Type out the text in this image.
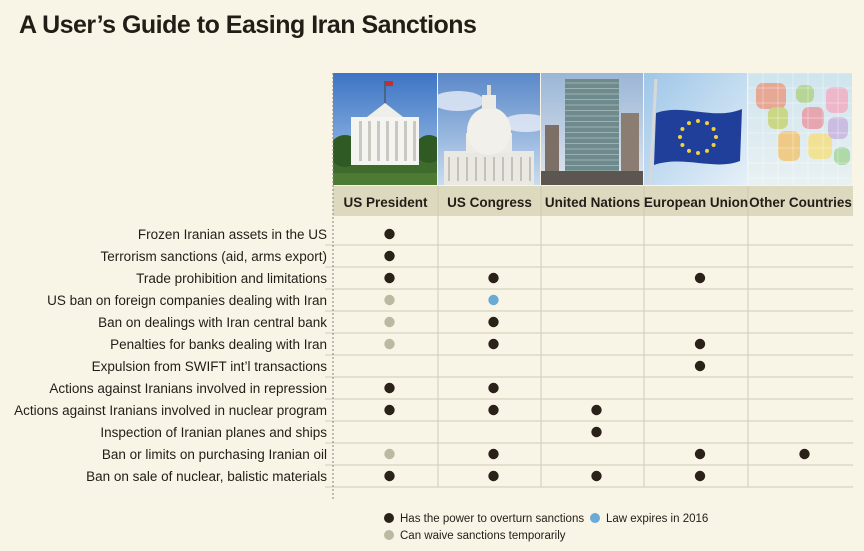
A User’s Guide to Easing Iran Sanctions
US President US Congress United Nations European Union Other Countries
Frozen Iranian assets in the US
Terrorism sanctions (aid, arms export)
Trade prohibition and limitations
US ban on foreign companies dealing with Iran
Ban on dealings with Iran central bank
Penalties for banks dealing with Iran
Expulsion from SWIFT int’l transactions
Actions against Iranians involved in repression
Actions against Iranians involved in nuclear program
Inspection of Iranian planes and ships
Ban or limits on purchasing Iranian oil
Ban on sale of nuclear, balistic materials
Has the power to overturn sanctions Law expires in 2016
Can waive sanctions temporarily
